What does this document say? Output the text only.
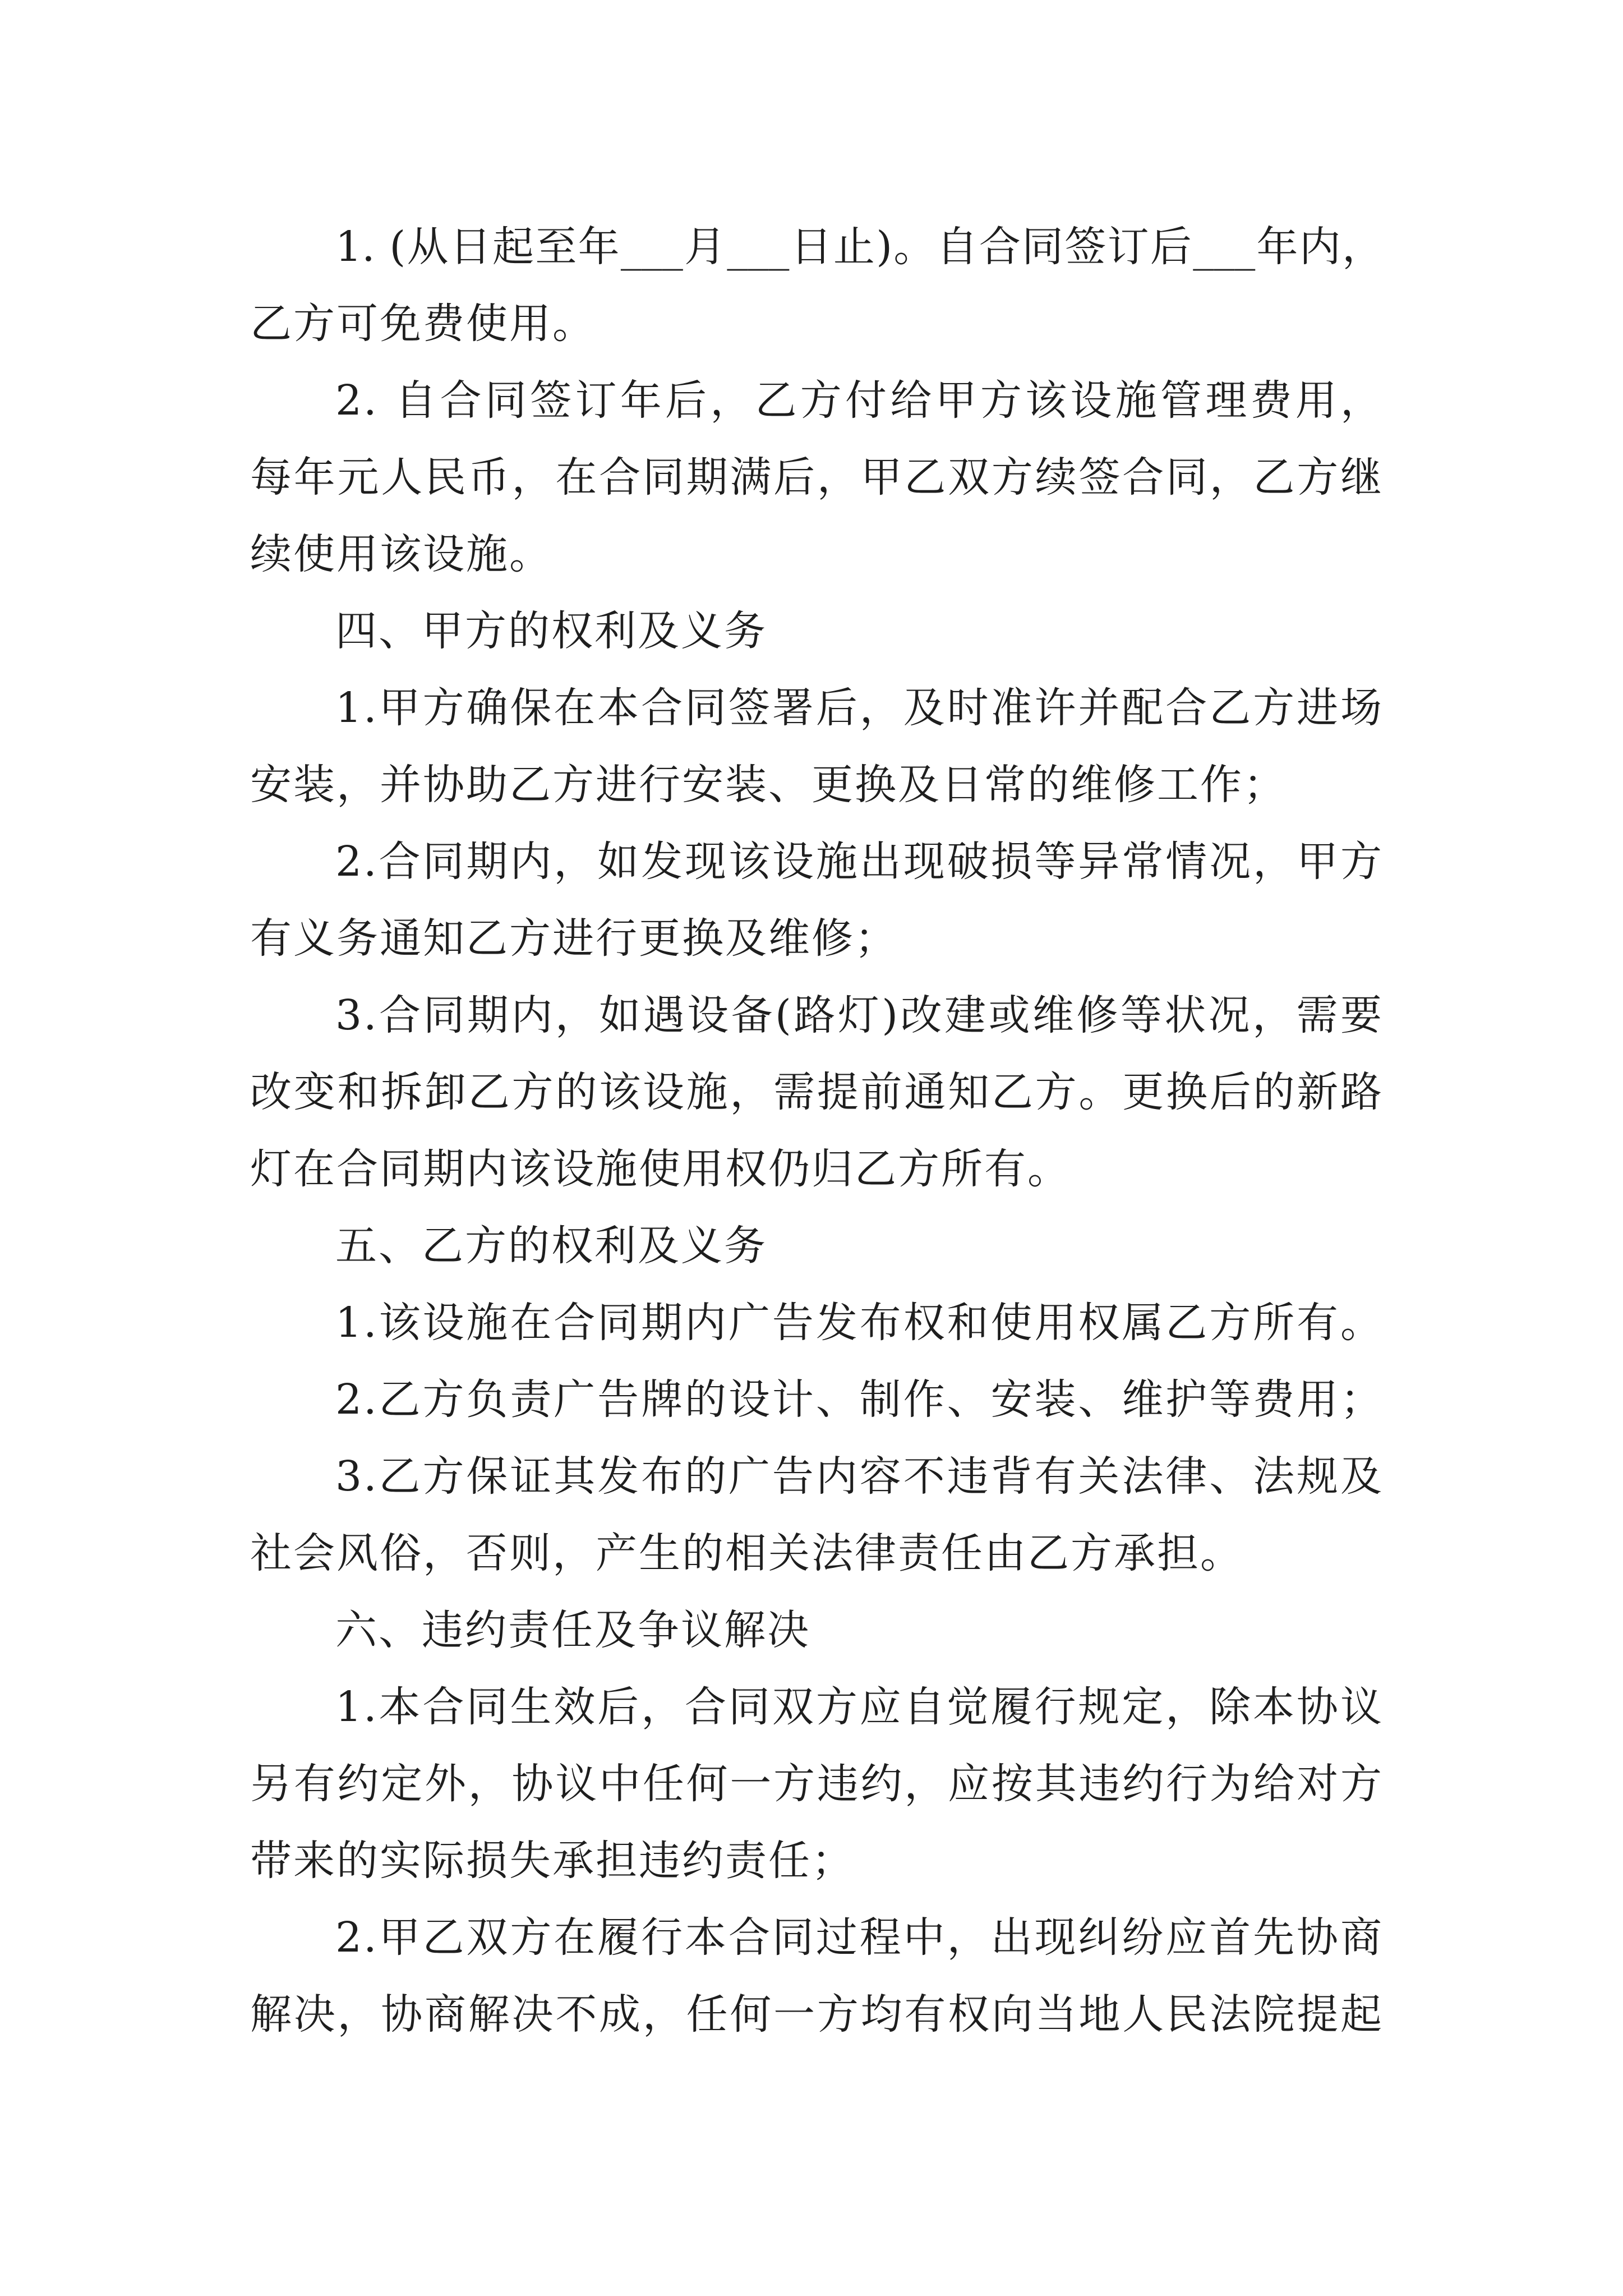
1. (从日起至年___月___日止)。自合同签订后___年内，
乙方可免费使用。
2. 自合同签订年后，乙方付给甲方该设施管理费用，
每年元人民币，在合同期满后，甲乙双方续签合同，乙方继
续使用该设施。
四、甲方的权利及义务
1.甲方确保在本合同签署后，及时准许并配合乙方进场
安装，并协助乙方进行安装、更换及日常的维修工作；
2.合同期内，如发现该设施出现破损等异常情况，甲方
有义务通知乙方进行更换及维修；
3.合同期内，如遇设备(路灯)改建或维修等状况，需要
改变和拆卸乙方的该设施，需提前通知乙方。更换后的新路
灯在合同期内该设施使用权仍归乙方所有。
五、乙方的权利及义务
1.该设施在合同期内广告发布权和使用权属乙方所有。
2.乙方负责广告牌的设计、制作、安装、维护等费用；
3.乙方保证其发布的广告内容不违背有关法律、法规及
社会风俗，否则，产生的相关法律责任由乙方承担。
六、违约责任及争议解决
1.本合同生效后，合同双方应自觉履行规定，除本协议
另有约定外，协议中任何一方违约，应按其违约行为给对方
带来的实际损失承担违约责任；
2.甲乙双方在履行本合同过程中，出现纠纷应首先协商
解决，协商解决不成，任何一方均有权向当地人民法院提起
